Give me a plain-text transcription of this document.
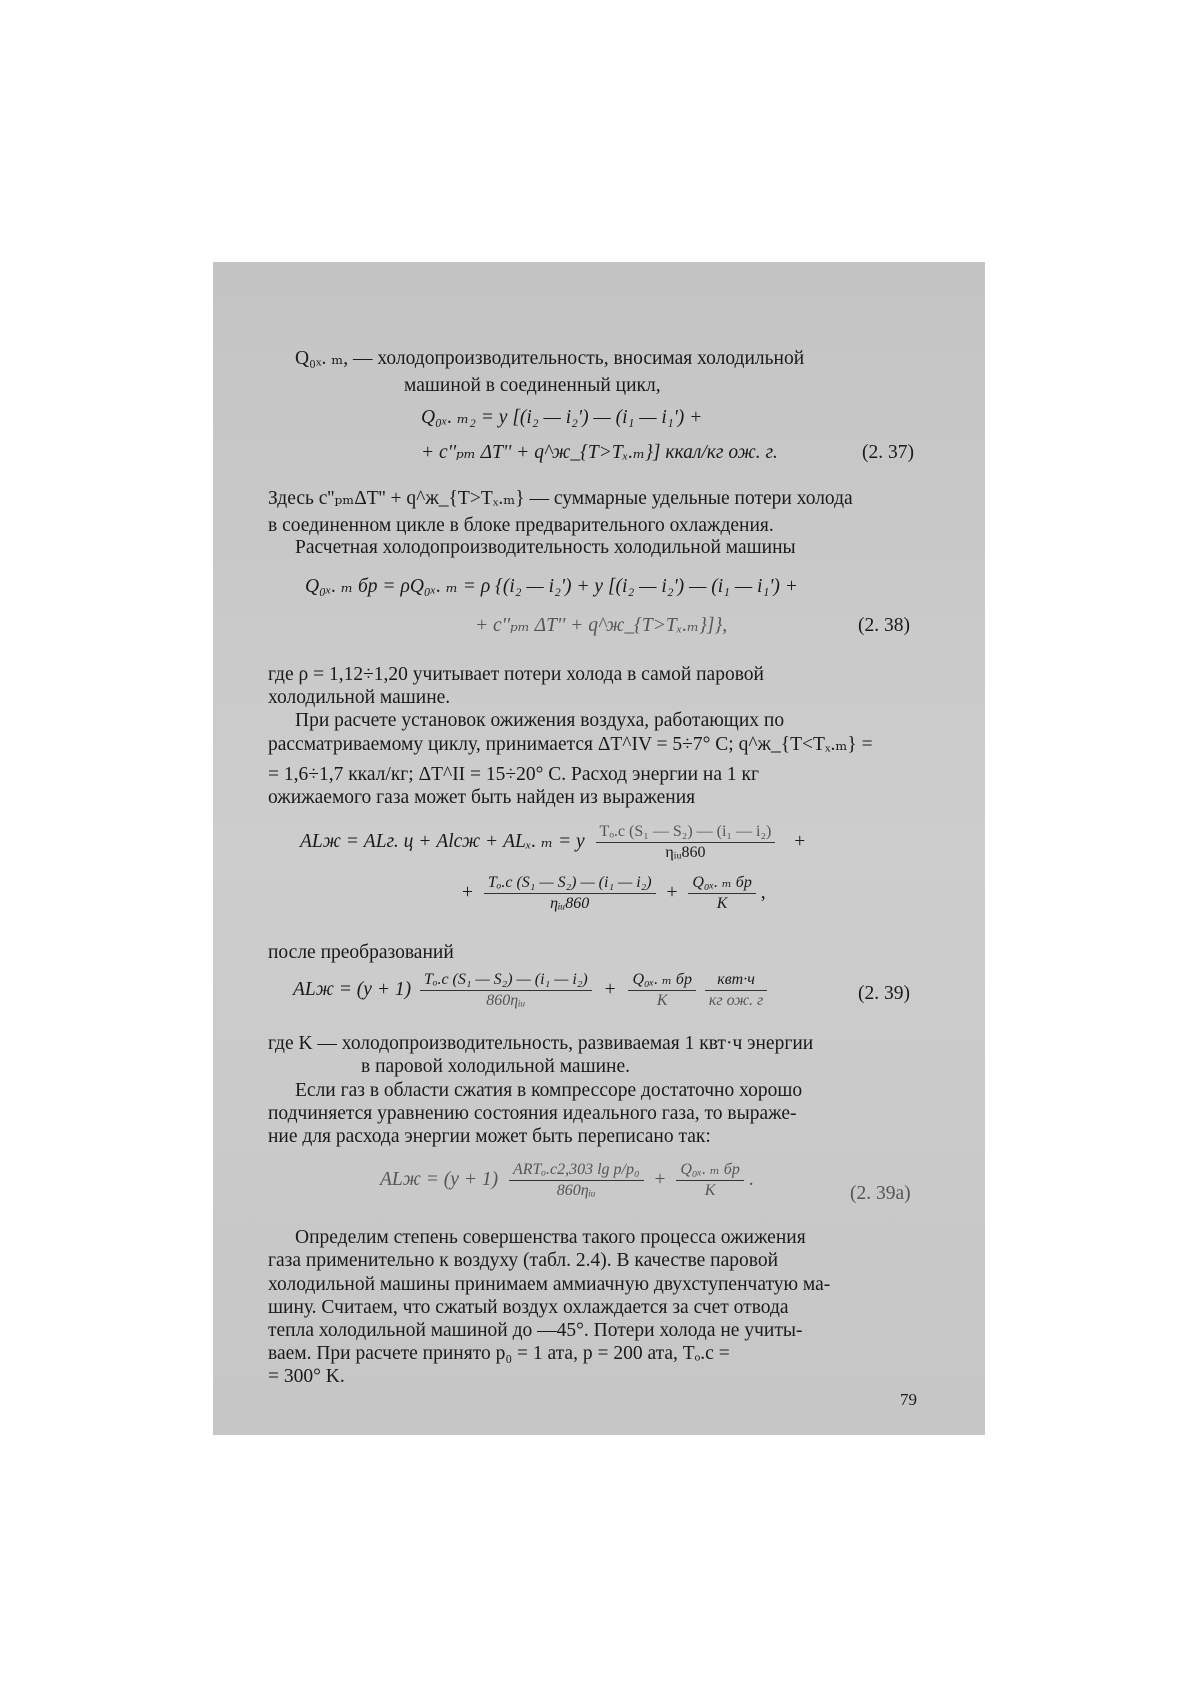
Q₀ₓ. ₘ, — холодопроизводительность, вносимая холодильной
машиной в соединенный цикл,
Q₀ₓ. ₘ₂ = y [(i₂ — i₂') — (i₁ — i₁') +
+ c''ₚₘ ΔT'' + q^ж_{T>Tₓ.ₘ}] ккал/кг ож. г.	(2. 37)
Здесь c''ₚₘΔT'' + q^ж_{T>Tₓ.ₘ} — суммарные удельные потери холода
в соединенном цикле в блоке предварительного охлаждения.
Расчетная холодопроизводительность холодильной машины
Q₀ₓ. ₘ бр = ρQ₀ₓ. ₘ = ρ {(i₂ — i₂') + y [(i₂ — i₂') — (i₁ — i₁') +
+ c''ₚₘ ΔT'' + q^ж_{T>Tₓ.ₘ}]},	(2. 38)
где ρ = 1,12÷1,20 учитывает потери холода в самой паровой
холодильной машине.
При расчете установок ожижения воздуха, работающих по
рассматриваемому циклу, принимается ΔT^IV = 5÷7° C; q^ж_{T<Tₓ.ₘ} =
= 1,6÷1,7 ккал/кг; ΔT^II = 15÷20° C. Расход энергии на 1 кг
ожижаемого газа может быть найден из выражения
ALж = ALг. ц + Alсж + ALₓ. ₘ = y $\frac{\text{Tₒ.c (S₁ — S₂) — (i₁ — i₂)}}{\text{ηᵢᵤ860}}$ +
+ $\frac{\text{Tₒ.c (S₁ — S₂) — (i₁ — i₂)}}{\text{ηᵢᵤ860}} + \frac{\text{Q₀ₓ. ₘ бр}}{K}$ ,
после преобразований
ALж = $(y + 1) \frac{\text{Tₒ.c (S₁ — S₂) — (i₁ — i₂)}}{\text{860ηᵢᵤ}} + \frac{\text{Q₀ₓ. ₘ бр}}{K}$
$\frac{\text{квт·ч}}{\text{кг ож. г}}$	(2. 39)
где K — холодопроизводительность, развиваемая 1 квт·ч энергии
в паровой холодильной машине.
Если газ в области сжатия в компрессоре достаточно хорошо
подчиняется уравнению состояния идеального газа, то выраже-
ние для расхода энергии может быть переписано так:
ALж = $(y + 1) \frac{\text{ARTₒ.c2,303 lg p/p₀}}{\text{860ηᵢᵤ}} + \frac{\text{Q₀ₓ. ₘ бр}}{K}$ .
(2. 39a)
Определим степень совершенства такого процесса ожижения
газа применительно к воздуху (табл. 2.4). В качестве паровой
холодильной машины принимаем аммиачную двухступенчатую ма-
шину. Считаем, что сжатый воздух охлаждается за счет отвода
тепла холодильной машиной до —45°. Потери холода не учиты-
ваем. При расчете принято p₀ = 1 ата, p = 200 ата, Tₒ.c =
= 300° K.
79
